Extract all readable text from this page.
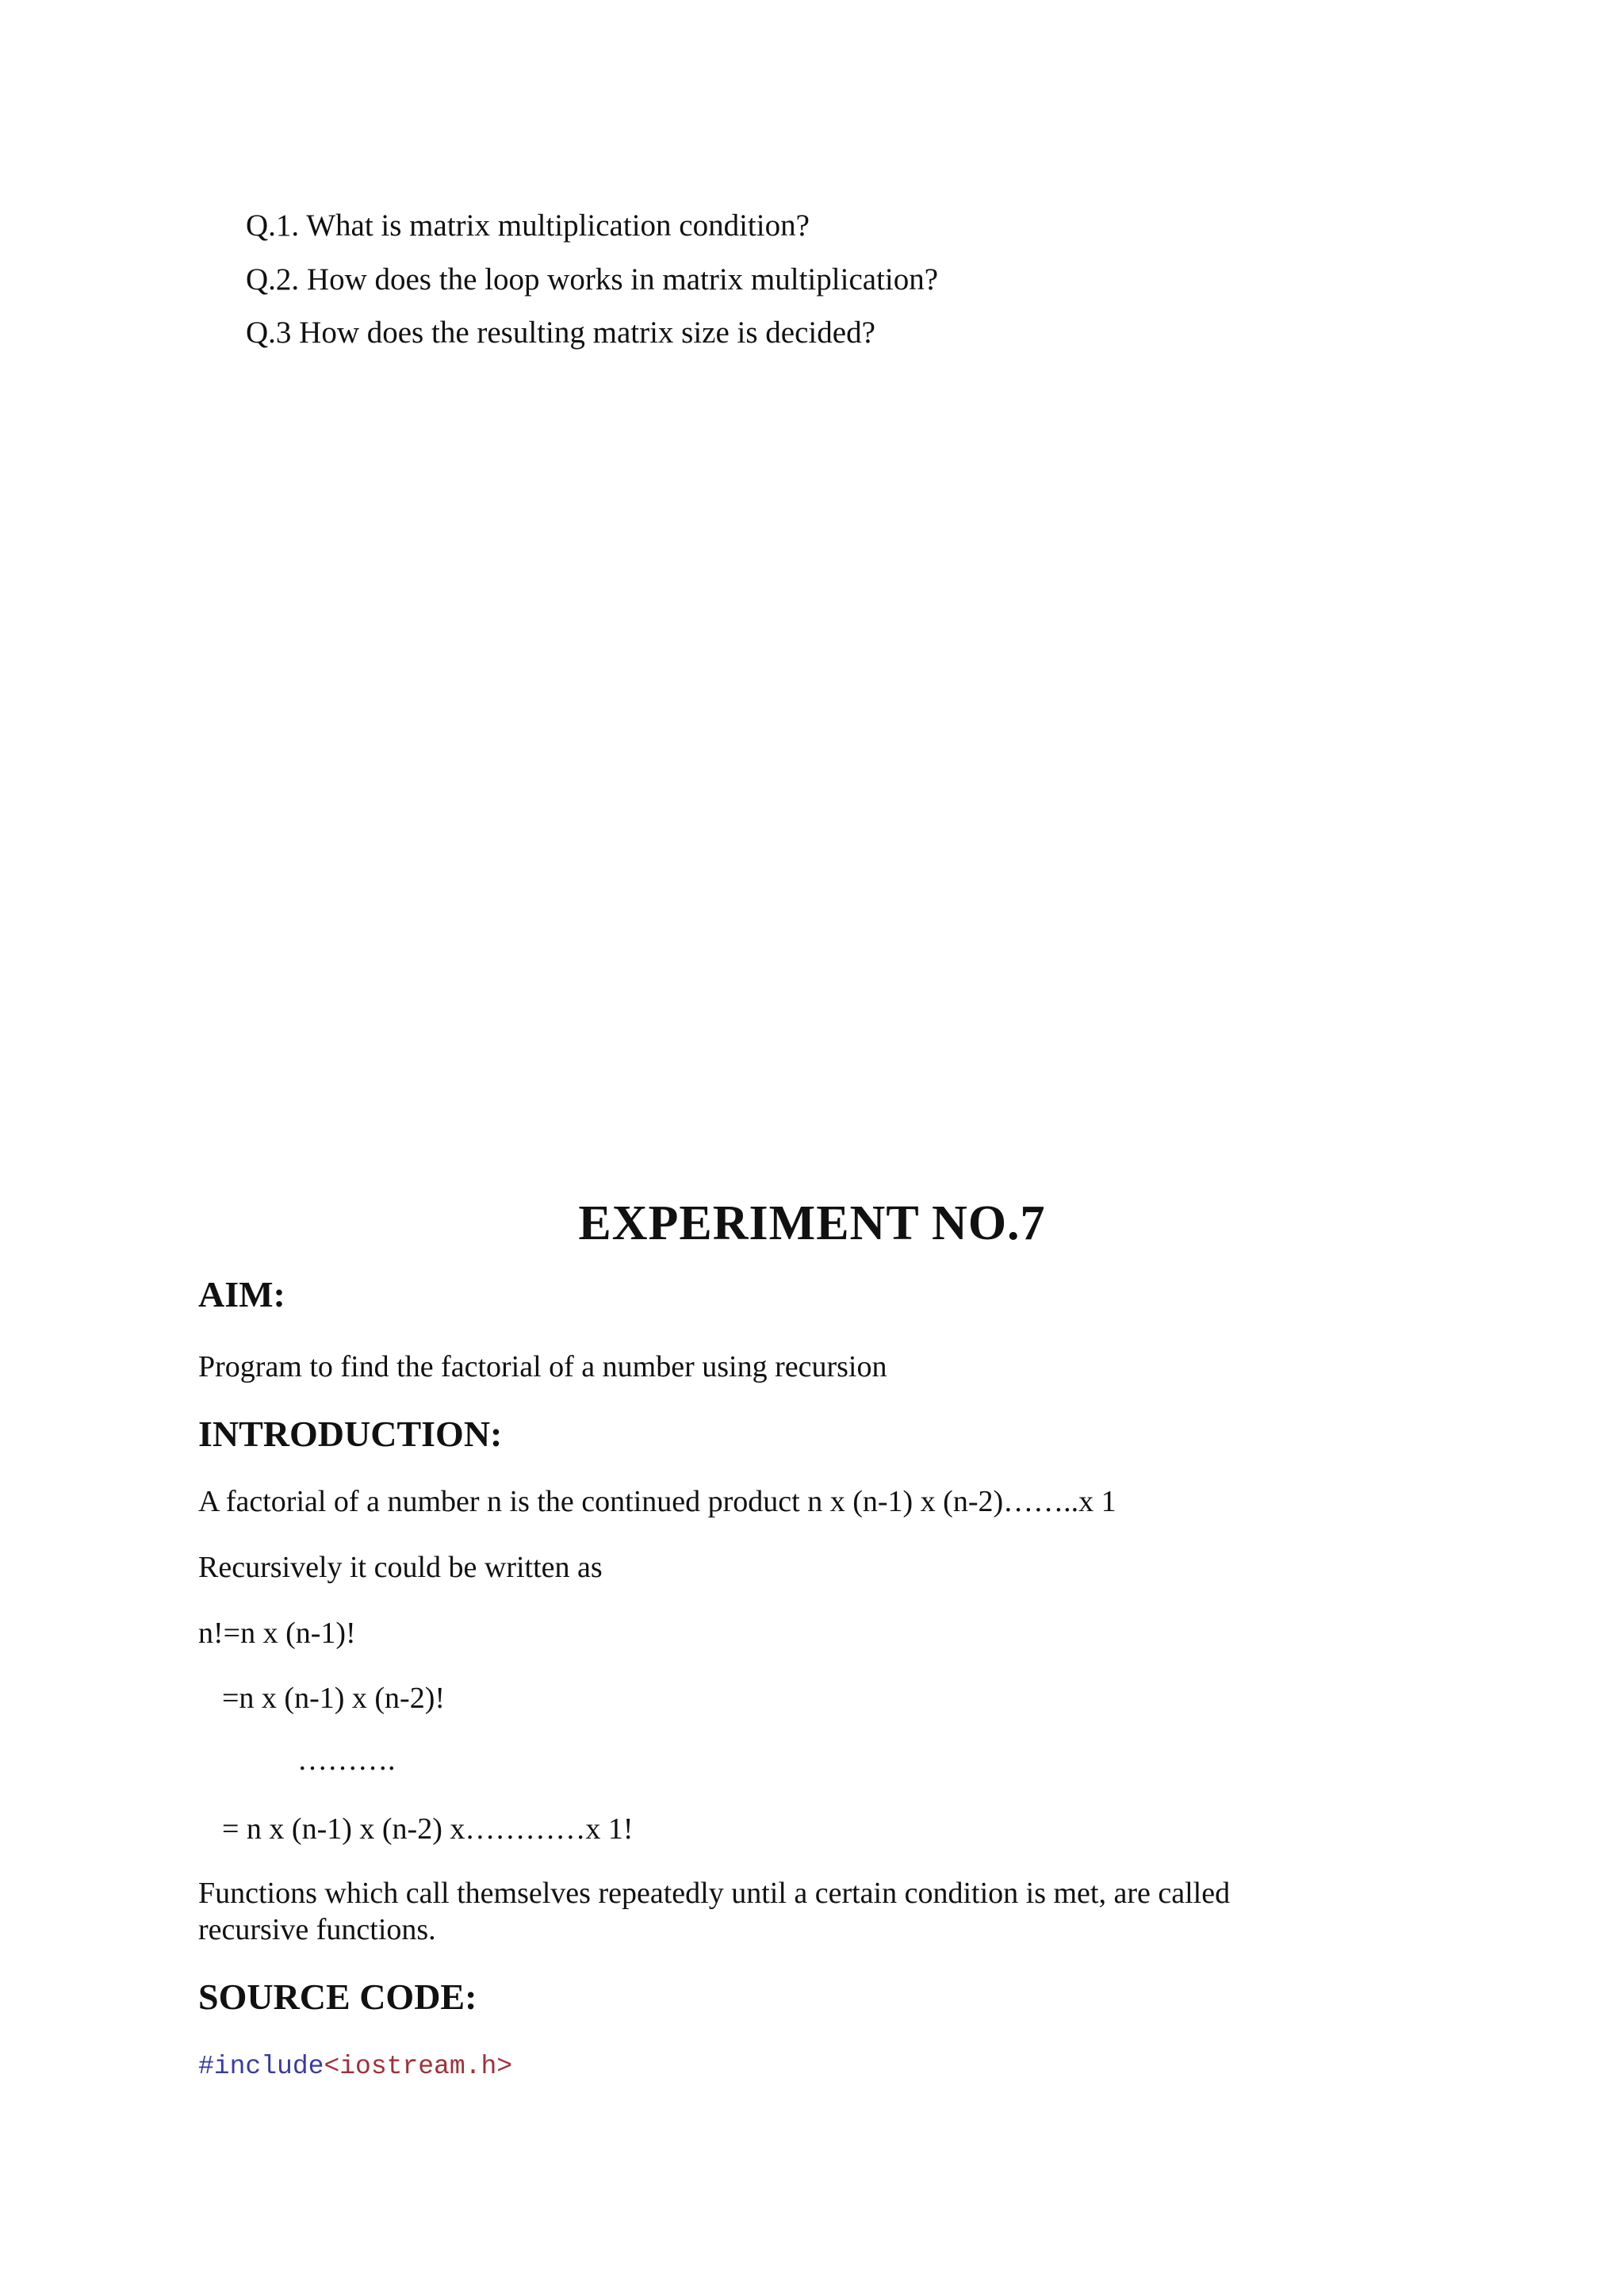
Q.1. What is matrix multiplication condition?
Q.2. How does the loop works in matrix multiplication?
Q.3 How does the resulting matrix size is decided?
EXPERIMENT NO.7
AIM:
Program to find the factorial of a number using recursion
INTRODUCTION:
A factorial of a number n is the continued product n x (n-1) x (n-2)……..x 1
Recursively it could be written as
n!=n x (n-1)!
=n x (n-1) x (n-2)!
……….
= n x (n-1) x (n-2) x…………x 1!
Functions which call themselves repeatedly until a certain condition is met, are called
recursive functions.
SOURCE CODE:
#include<iostream.h>
